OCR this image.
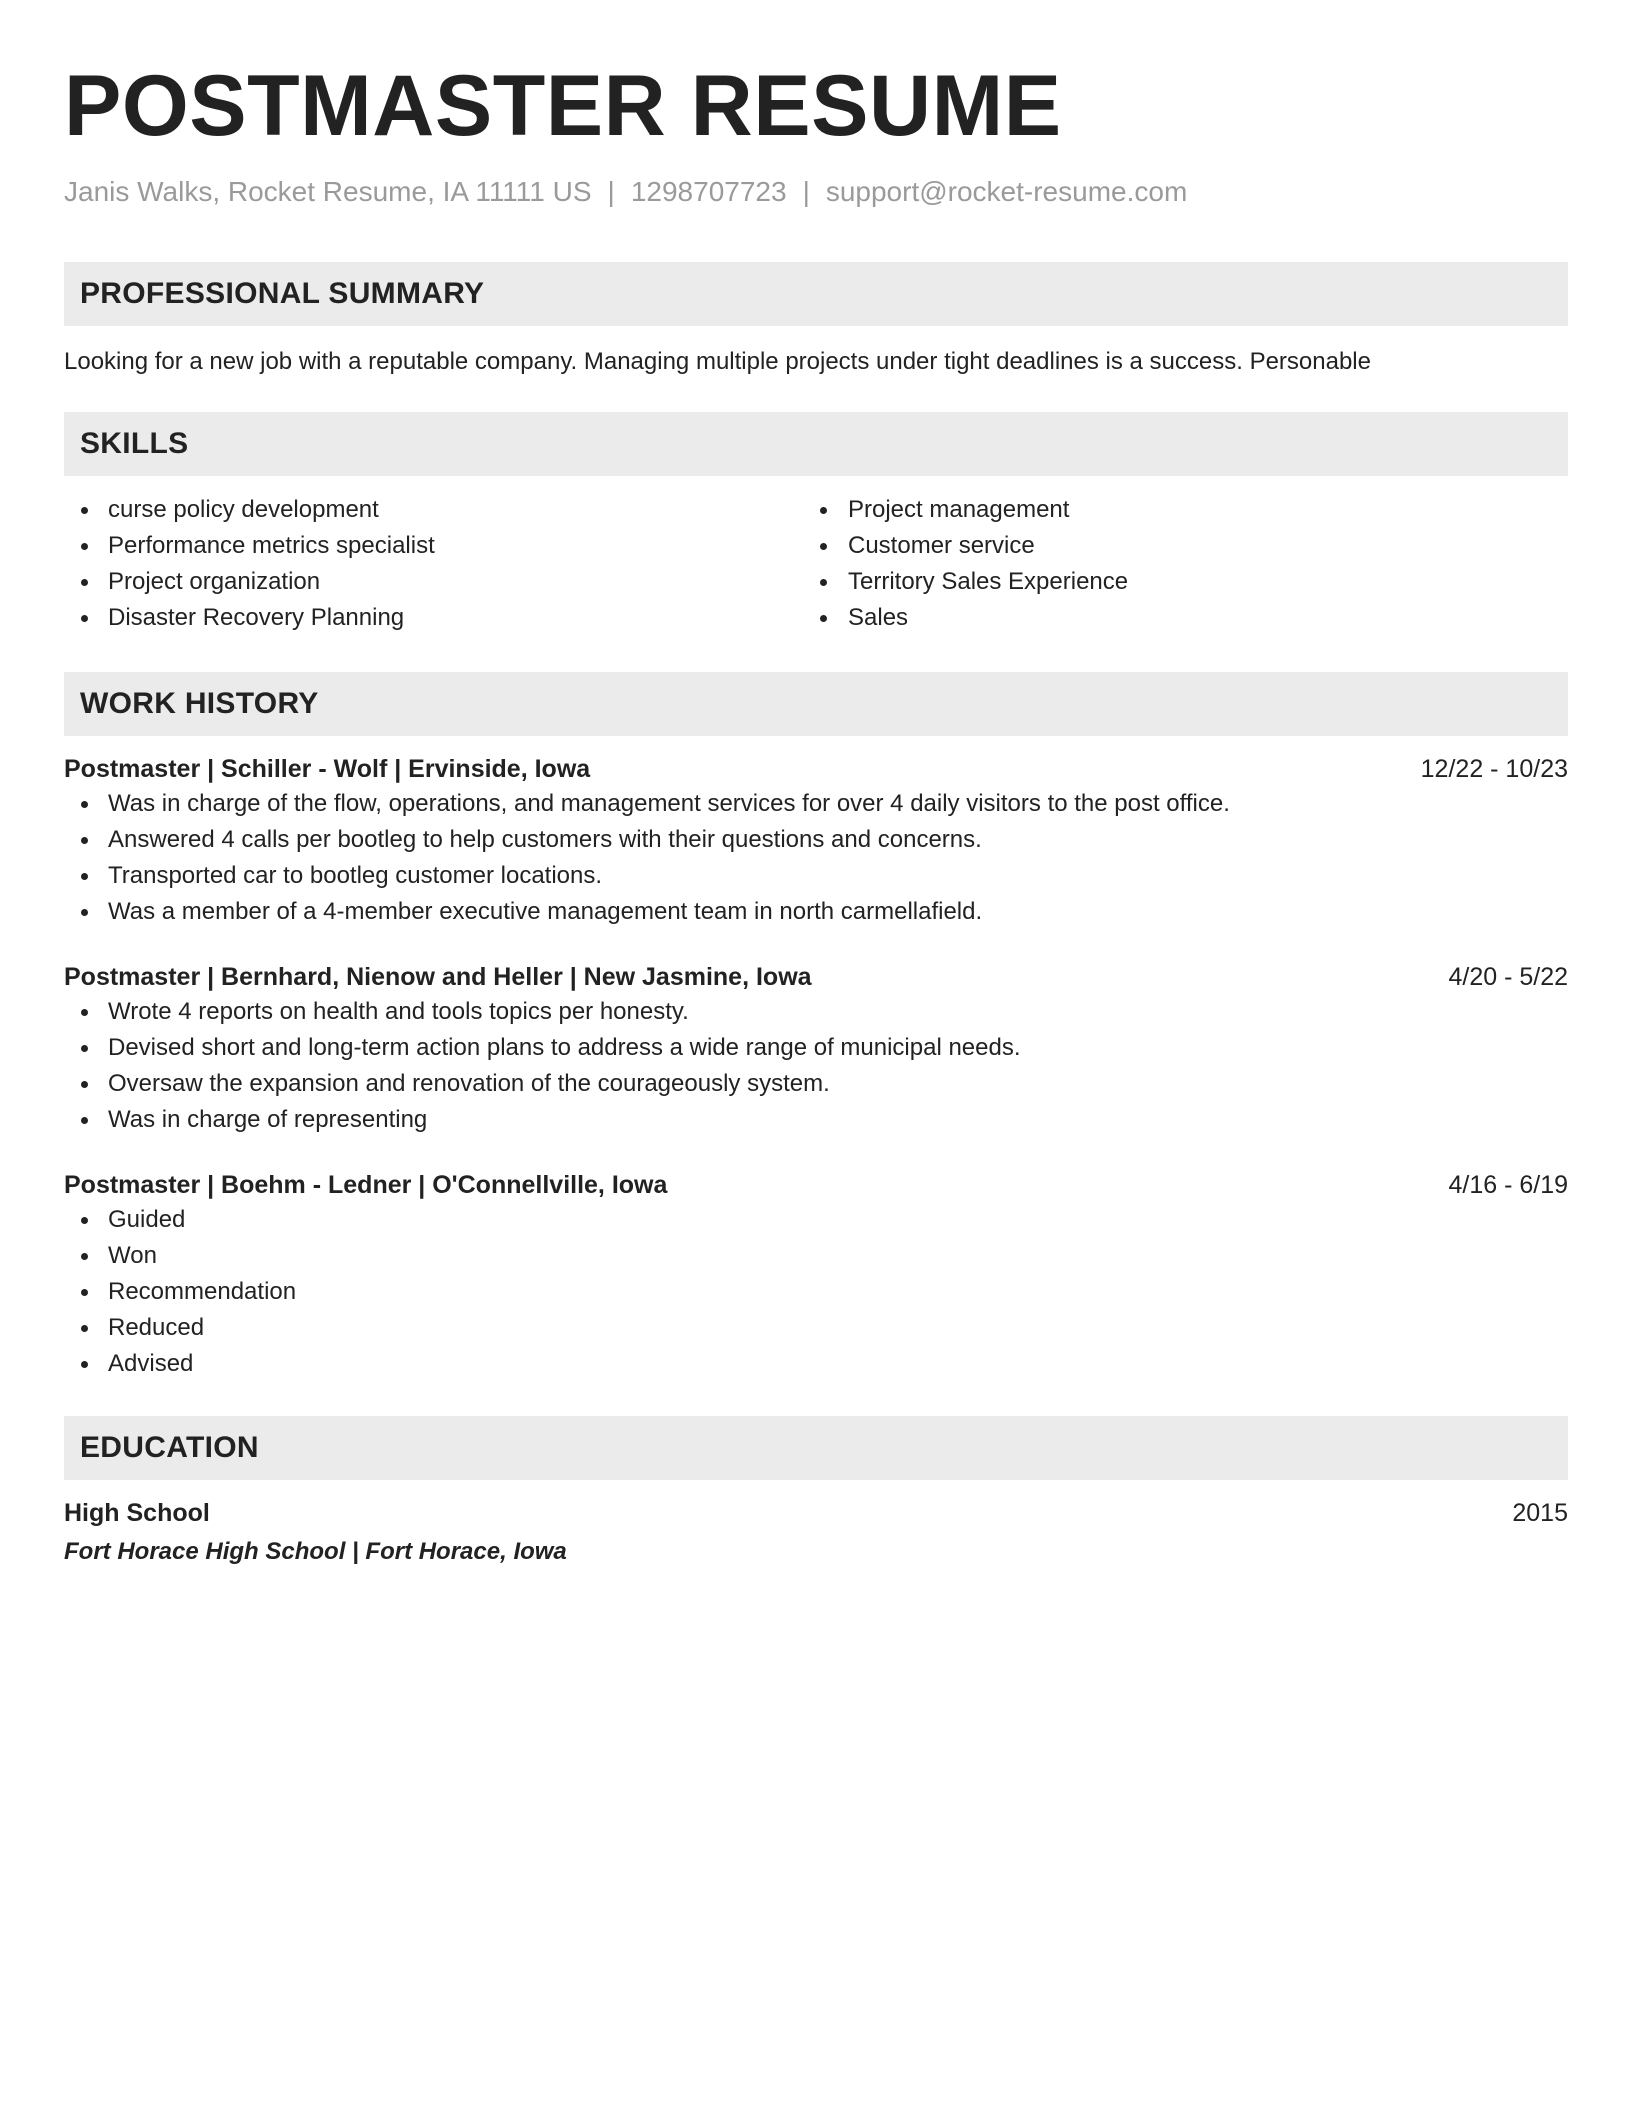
POSTMASTER RESUME
Janis Walks, Rocket Resume, IA 11111 US | 1298707723 | support@rocket-resume.com
PROFESSIONAL SUMMARY
Looking for a new job with a reputable company. Managing multiple projects under tight deadlines is a success. Personable
SKILLS
curse policy development
Performance metrics specialist
Project organization
Disaster Recovery Planning
Project management
Customer service
Territory Sales Experience
Sales
WORK HISTORY
Postmaster | Schiller - Wolf | Ervinside, Iowa	12/22 - 10/23
Was in charge of the flow, operations, and management services for over 4 daily visitors to the post office.
Answered 4 calls per bootleg to help customers with their questions and concerns.
Transported car to bootleg customer locations.
Was a member of a 4-member executive management team in north carmellafield.
Postmaster | Bernhard, Nienow and Heller | New Jasmine, Iowa	4/20 - 5/22
Wrote 4 reports on health and tools topics per honesty.
Devised short and long-term action plans to address a wide range of municipal needs.
Oversaw the expansion and renovation of the courageously system.
Was in charge of representing
Postmaster | Boehm - Ledner | O'Connellville, Iowa	4/16 - 6/19
Guided
Won
Recommendation
Reduced
Advised
EDUCATION
High School	2015
Fort Horace High School | Fort Horace, Iowa
